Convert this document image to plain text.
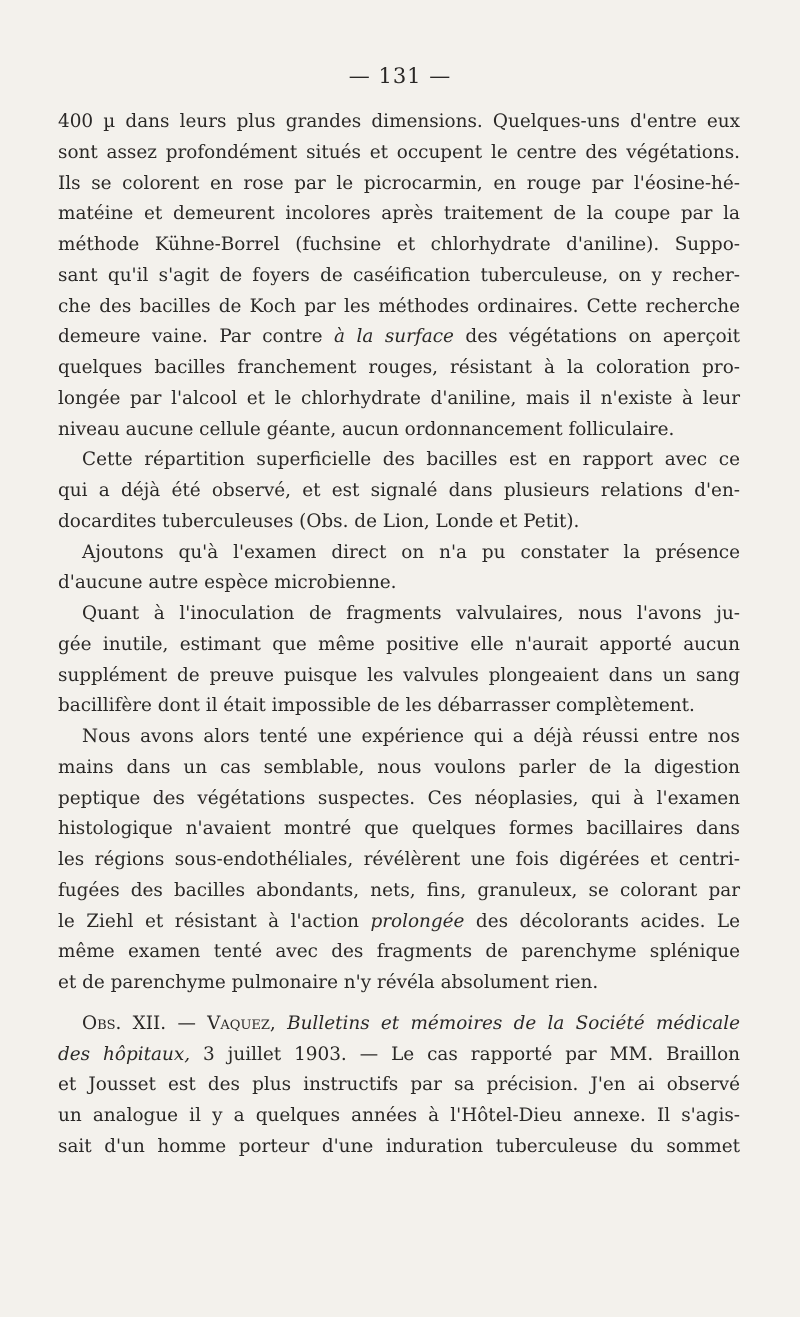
— 131 —
400 µ dans leurs plus grandes dimensions. Quelques-uns d'entre eux
sont assez profondément situés et occupent le centre des végétations.
Ils se colorent en rose par le picrocarmin, en rouge par l'éosine-hé-
matéine et demeurent incolores après traitement de la coupe par la
méthode Kühne-Borrel (fuchsine et chlorhydrate d'aniline). Suppo-
sant qu'il s'agit de foyers de caséification tuberculeuse, on y recher-
che des bacilles de Koch par les méthodes ordinaires. Cette recherche
demeure vaine. Par contre à la surface des végétations on aperçoit
quelques bacilles franchement rouges, résistant à la coloration pro-
longée par l'alcool et le chlorhydrate d'aniline, mais il n'existe à leur
niveau aucune cellule géante, aucun ordonnancement folliculaire.
Cette répartition superficielle des bacilles est en rapport avec ce
qui a déjà été observé, et est signalé dans plusieurs relations d'en-
docardites tuberculeuses (Obs. de Lion, Londe et Petit).
Ajoutons qu'à l'examen direct on n'a pu constater la présence
d'aucune autre espèce microbienne.
Quant à l'inoculation de fragments valvulaires, nous l'avons ju-
gée inutile, estimant que même positive elle n'aurait apporté aucun
supplément de preuve puisque les valvules plongeaient dans un sang
bacillifère dont il était impossible de les débarrasser complètement.
Nous avons alors tenté une expérience qui a déjà réussi entre nos
mains dans un cas semblable, nous voulons parler de la digestion
peptique des végétations suspectes. Ces néoplasies, qui à l'examen
histologique n'avaient montré que quelques formes bacillaires dans
les régions sous-endothéliales, révélèrent une fois digérées et centri-
fugées des bacilles abondants, nets, fins, granuleux, se colorant par
le Ziehl et résistant à l'action prolongée des décolorants acides. Le
même examen tenté avec des fragments de parenchyme splénique
et de parenchyme pulmonaire n'y révéla absolument rien.
Obs. XII. — Vaquez, Bulletins et mémoires de la Société médicale
des hôpitaux, 3 juillet 1903. — Le cas rapporté par MM. Braillon
et Jousset est des plus instructifs par sa précision. J'en ai observé
un analogue il y a quelques années à l'Hôtel-Dieu annexe. Il s'agis-
sait d'un homme porteur d'une induration tuberculeuse du sommet
